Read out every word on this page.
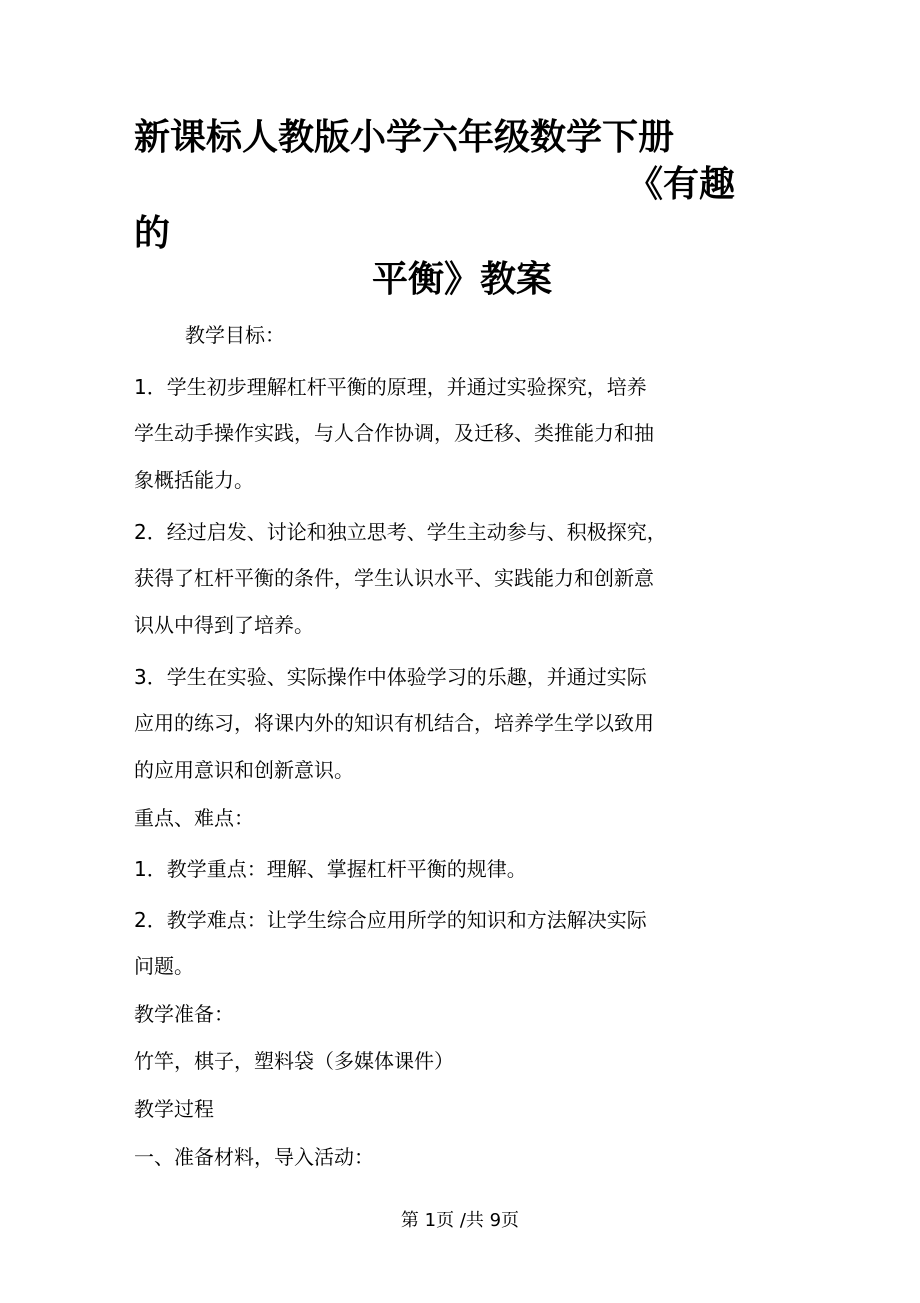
新课标人教版小学六年级数学下册
《有趣
的
平衡》教案
教学目标：
1．学生初步理解杠杆平衡的原理，并通过实验探究，培养
学生动手操作实践，与人合作协调，及迁移、类推能力和抽
象概括能力。
2．经过启发、讨论和独立思考、学生主动参与、积极探究，
获得了杠杆平衡的条件，学生认识水平、实践能力和创新意
识从中得到了培养。
3．学生在实验、实际操作中体验学习的乐趣，并通过实际
应用的练习，将课内外的知识有机结合，培养学生学以致用
的应用意识和创新意识。
重点、难点：
1．教学重点：理解、掌握杠杆平衡的规律。
2．教学难点：让学生综合应用所学的知识和方法解决实际
问题。
教学准备：
竹竿，棋子，塑料袋（多媒体课件）
教学过程
一、准备材料，导入活动：
第 1页 /共 9页
